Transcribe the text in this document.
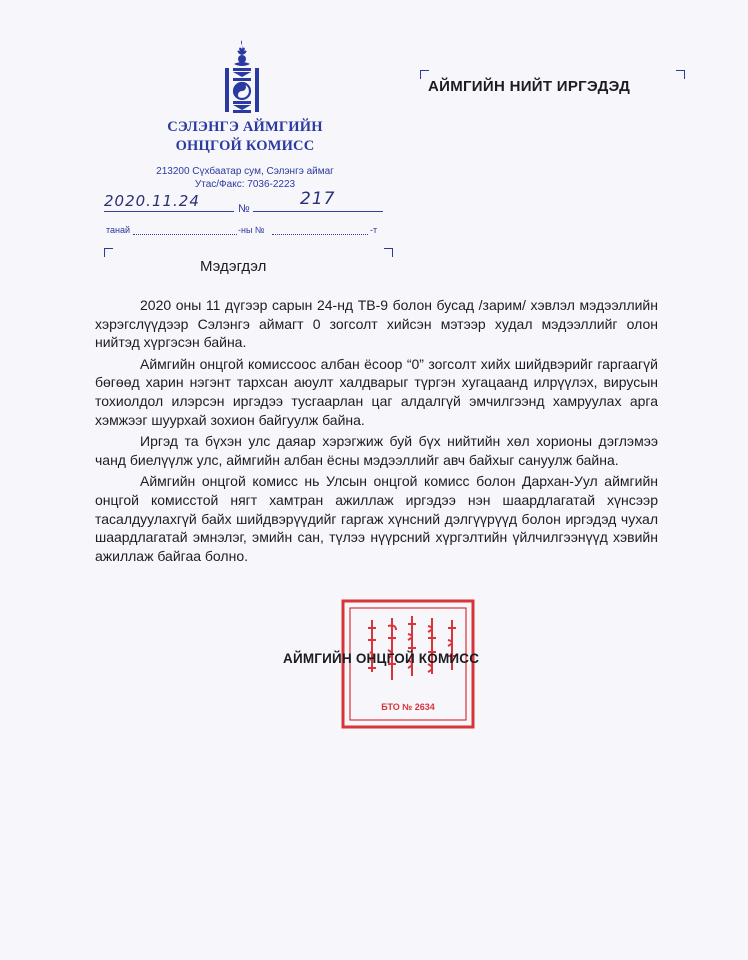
СЭЛЭНГЭ АЙМГИЙН
ОНЦГОЙ КОМИСС
213200 Сүхбаатар сум, Сэлэнгэ аймаг
Утас/Факс: 7036-2223
2020.11.24	№	217
танай	-ны №	-т
АЙМГИЙН НИЙТ ИРГЭДЭД
Мэдэгдэл

2020 оны 11 дүгээр сарын 24-нд ТВ-9 болон бусад /зарим/ хэвлэл мэдээллийн хэрэгслүүдээр Сэлэнгэ аймагт 0 зогсолт хийсэн мэтээр худал мэдээллийг олон нийтэд хүргэсэн байна.

Аймгийн онцгой комиссоос албан ёсоор “0” зогсолт хийх шийдвэрийг гаргаагүй бөгөөд харин нэгэнт тархсан аюулт халдварыг түргэн хугацаанд илрүүлэх, вирусын тохиолдол илэрсэн иргэдээ тусгаарлан цаг алдалгүй эмчилгээнд хамруулах арга хэмжээг шуурхай зохион байгуулж байна.

Иргэд та бүхэн улс даяар хэрэгжиж буй бүх нийтийн хөл хорионы дэглэмээ чанд биелүүлж улс, аймгийн албан ёсны мэдээллийг авч байхыг сануулж байна.

Аймгийн онцгой комисс нь Улсын онцгой комисс болон Дархан-Уул аймгийн онцгой комисстой нягт хамтран ажиллаж иргэдээ нэн шаардлагатай хүнсээр тасалдуулахгүй байх шийдвэрүүдийг гаргаж хүнсний дэлгүүрүүд болон иргэдэд чухал шаардлагатай эмнэлэг, эмийн сан, түлээ нүүрсний хүргэлтийн үйлчилгээнүүд хэвийн ажиллаж байгаа болно.

БТО № 2634
АЙМГИЙН ОНЦГОЙ КОМИСС
